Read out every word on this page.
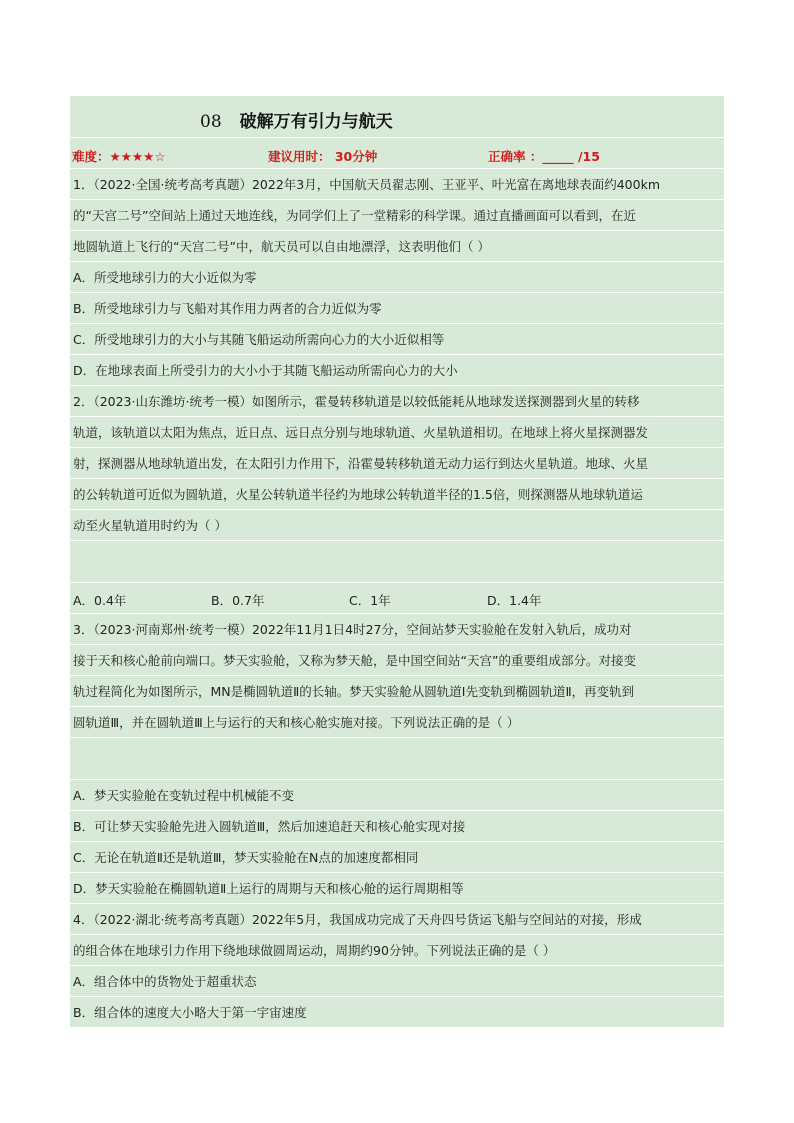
08 破解万有引力与航天
难度：★★★★☆	建议用时： 30分钟	正确率 ：_____ /15
1．（2022·全国·统考高考真题）2022年3月，中国航天员翟志刚、王亚平、叶光富在离地球表面约400km
的“天宫二号”空间站上通过天地连线，为同学们上了一堂精彩的科学课。通过直播画面可以看到，在近
地圆轨道上飞行的“天宫二号”中，航天员可以自由地漂浮，这表明他们（ ）
A．所受地球引力的大小近似为零
B．所受地球引力与飞船对其作用力两者的合力近似为零
C．所受地球引力的大小与其随飞船运动所需向心力的大小近似相等
D．在地球表面上所受引力的大小小于其随飞船运动所需向心力的大小
2．（2023·山东潍坊·统考一模）如图所示，霍曼转移轨道是以较低能耗从地球发送探测器到火星的转移
轨道，该轨道以太阳为焦点，近日点、远日点分别与地球轨道、火星轨道相切。在地球上将火星探测器发
射，探测器从地球轨道出发，在太阳引力作用下，沿霍曼转移轨道无动力运行到达火星轨道。地球、火星
的公转轨道可近似为圆轨道，火星公转轨道半径约为地球公转轨道半径的1.5倍，则探测器从地球轨道运
动至火星轨道用时约为（ ）
A．0.4年	B．0.7年	C．1年	D．1.4年
3．（2023·河南郑州·统考一模）2022年11月1日4时27分，空间站梦天实验舱在发射入轨后，成功对
接于天和核心舱前向端口。梦天实验舱，又称为梦天舱，是中国空间站“天宫”的重要组成部分。对接变
轨过程简化为如图所示，MN是椭圆轨道Ⅱ的长轴。梦天实验舱从圆轨道Ⅰ先变轨到椭圆轨道Ⅱ，再变轨到
圆轨道Ⅲ，并在圆轨道Ⅲ上与运行的天和核心舱实施对接。下列说法正确的是（ ）
A．梦天实验舱在变轨过程中机械能不变
B．可让梦天实验舱先进入圆轨道Ⅲ，然后加速追赶天和核心舱实现对接
C．无论在轨道Ⅱ还是轨道Ⅲ，梦天实验舱在N点的加速度都相同
D．梦天实验舱在椭圆轨道Ⅱ上运行的周期与天和核心舱的运行周期相等
4．（2022·湖北·统考高考真题）2022年5月，我国成功完成了天舟四号货运飞船与空间站的对接，形成
的组合体在地球引力作用下绕地球做圆周运动，周期约90分钟。下列说法正确的是（ ）
A．组合体中的货物处于超重状态
B．组合体的速度大小略大于第一宇宙速度
